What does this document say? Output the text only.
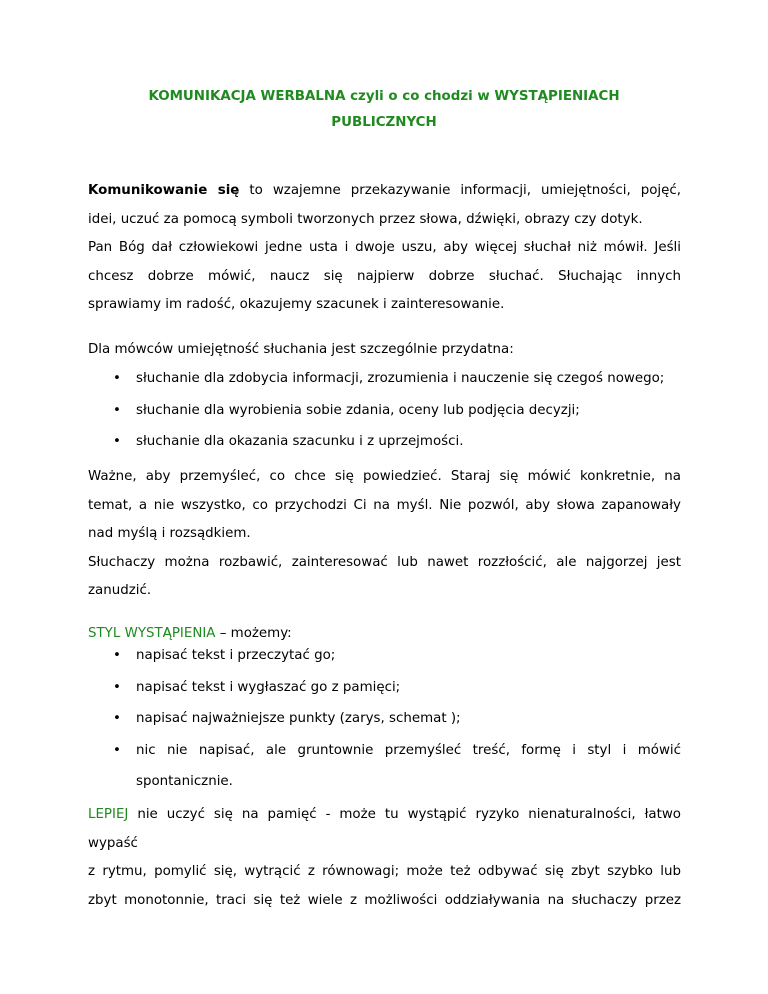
KOMUNIKACJA WERBALNA czyli o co chodzi w WYSTĄPIENIACH
PUBLICZNYCH
Komunikowanie się to wzajemne przekazywanie informacji, umiejętności, pojęć,
idei, uczuć za pomocą symboli tworzonych przez słowa, dźwięki, obrazy czy dotyk.
Pan Bóg dał człowiekowi jedne usta i dwoje uszu, aby więcej słuchał niż mówił. Jeśli
chcesz dobrze mówić, naucz się najpierw dobrze słuchać. Słuchając innych
sprawiamy im radość, okazujemy szacunek i zainteresowanie.
Dla mówców umiejętność słuchania jest szczególnie przydatna:
• słuchanie dla zdobycia informacji, zrozumienia i nauczenie się czegoś nowego;
• słuchanie dla wyrobienia sobie zdania, oceny lub podjęcia decyzji;
• słuchanie dla okazania szacunku i z uprzejmości.
Ważne, aby przemyśleć, co chce się powiedzieć. Staraj się mówić konkretnie, na
temat, a nie wszystko, co przychodzi Ci na myśl. Nie pozwól, aby słowa zapanowały
nad myślą i rozsądkiem.
Słuchaczy można rozbawić, zainteresować lub nawet rozzłościć, ale najgorzej jest
zanudzić.
STYL WYSTĄPIENIA – możemy:
• napisać tekst i przeczytać go;
• napisać tekst i wygłaszać go z pamięci;
• napisać najważniejsze punkty (zarys, schemat );
• nic nie napisać, ale gruntownie przemyśleć treść, formę i styl i mówić
spontanicznie.
LEPIEJ nie uczyć się na pamięć - może tu wystąpić ryzyko nienaturalności, łatwo
wypaść
z rytmu, pomylić się, wytrącić z równowagi; może też odbywać się zbyt szybko lub
zbyt monotonnie, traci się też wiele z możliwości oddziaływania na słuchaczy przez
